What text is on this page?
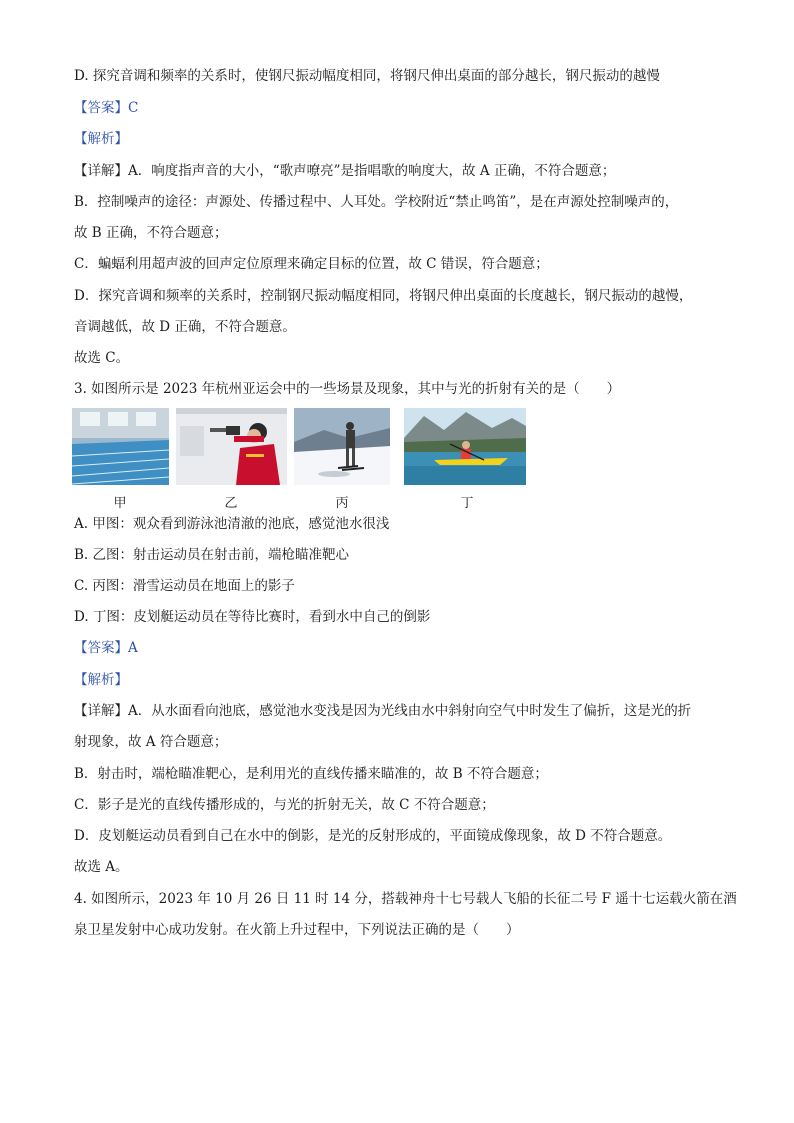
D. 探究音调和频率的关系时，使钢尺振动幅度相同，将钢尺伸出桌面的部分越长，钢尺振动的越慢
【答案】C
【解析】
【详解】A．响度指声音的大小，“歌声嘹亮”是指唱歌的响度大，故 A 正确，不符合题意；
B．控制噪声的途径：声源处、传播过程中、人耳处。学校附近“禁止鸣笛”，是在声源处控制噪声的，
故 B 正确，不符合题意；
C．蝙蝠利用超声波的回声定位原理来确定目标的位置，故 C 错误，符合题意；
D．探究音调和频率的关系时，控制钢尺振动幅度相同，将钢尺伸出桌面的长度越长，钢尺振动的越慢，
音调越低，故 D 正确，不符合题意。
故选 C。
3. 如图所示是 2023 年杭州亚运会中的一些场景及现象，其中与光的折射有关的是（　　）
甲	乙	丙	丁
A. 甲图：观众看到游泳池清澈的池底，感觉池水很浅
B. 乙图：射击运动员在射击前，端枪瞄准靶心
C. 丙图：滑雪运动员在地面上的影子
D. 丁图：皮划艇运动员在等待比赛时，看到水中自己的倒影
【答案】A
【解析】
【详解】A．从水面看向池底，感觉池水变浅是因为光线由水中斜射向空气中时发生了偏折，这是光的折
射现象，故 A 符合题意；
B．射击时，端枪瞄准靶心，是利用光的直线传播来瞄准的，故 B 不符合题意；
C．影子是光的直线传播形成的，与光的折射无关，故 C 不符合题意；
D．皮划艇运动员看到自己在水中的倒影，是光的反射形成的，平面镜成像现象，故 D 不符合题意。
故选 A。
4. 如图所示，2023 年 10 月 26 日 11 时 14 分，搭载神舟十七号载人飞船的长征二号 F 遥十七运载火箭在酒
泉卫星发射中心成功发射。在火箭上升过程中，下列说法正确的是（　　）
